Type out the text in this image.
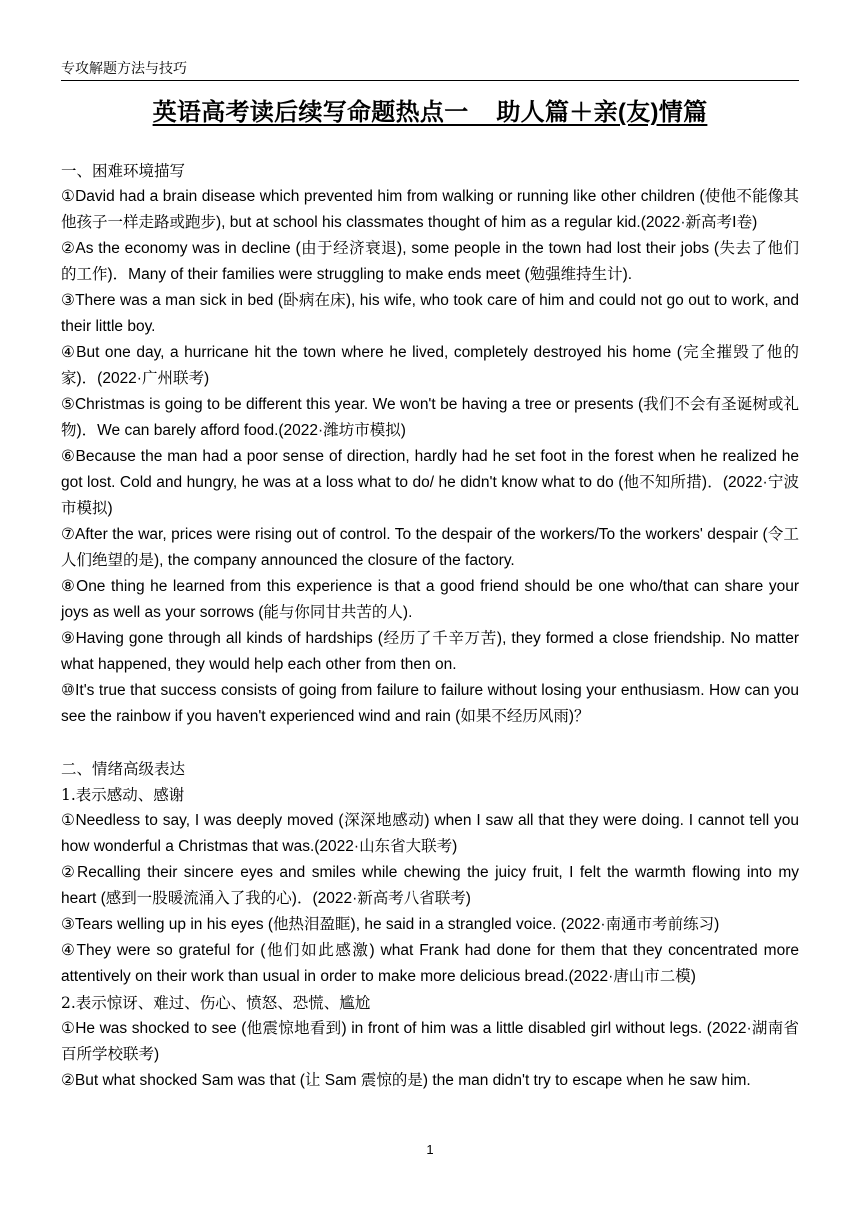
专攻解题方法与技巧
英语高考读后续写命题热点一    助人篇＋亲(友)情篇
一、困难环境描写
①David had a brain disease which prevented him from walking or running like other children (使他不能像其他孩子一样走路或跑步), but at school his classmates thought of him as a regular kid.(2022·新高考Ⅰ卷)
②As the economy was in decline (由于经济衰退), some people in the town had lost their jobs (失去了他们的工作)．Many of their families were struggling to make ends meet (勉强维持生计).
③There was a man sick in bed (卧病在床), his wife, who took care of him and could not go out to work, and their little boy.
④But one day, a hurricane hit the town where he lived, completely destroyed his home (完全摧毁了他的家)．(2022·广州联考)
⑤Christmas is going to be different this year. We won't be having a tree or presents (我们不会有圣诞树或礼物)．We can barely afford food.(2022·潍坊市模拟)
⑥Because the man had a poor sense of direction, hardly had he set foot in the forest when he realized he got lost. Cold and hungry, he was at a loss what to do/ he didn't know what to do (他不知所措)．(2022·宁波市模拟)
⑦After the war, prices were rising out of control. To the despair of the workers/To the workers' despair (令工人们绝望的是), the company announced the closure of the factory.
⑧One thing he learned from this experience is that a good friend should be one who/that can share your joys as well as your sorrows (能与你同甘共苦的人).
⑨Having gone through all kinds of hardships (经历了千辛万苦), they formed a close friendship. No matter what happened, they would help each other from then on.
⑩It's true that success consists of going from failure to failure without losing your enthusiasm. How can you see the rainbow if you haven't experienced wind and rain (如果不经历风雨)？
二、情绪高级表达
1.表示感动、感谢
①Needless to say, I was deeply moved (深深地感动) when I saw all that they were doing. I cannot tell you how wonderful a Christmas that was.(2022·山东省大联考)
②Recalling their sincere eyes and smiles while chewing the juicy fruit, I felt the warmth flowing into my heart (感到一股暖流涌入了我的心)．(2022·新高考八省联考)
③Tears welling up in his eyes (他热泪盈眶), he said in a strangled voice. (2022·南通市考前练习)
④They were so grateful for (他们如此感激) what Frank had done for them that they concentrated more attentively on their work than usual in order to make more delicious bread.(2022·唐山市二模)
2.表示惊讶、难过、伤心、愤怒、恐慌、尴尬
①He was shocked to see (他震惊地看到) in front of him was a little disabled girl without legs. (2022·湖南省百所学校联考)
②But what shocked Sam was that (让 Sam 震惊的是) the man didn't try to escape when he saw him.
1
